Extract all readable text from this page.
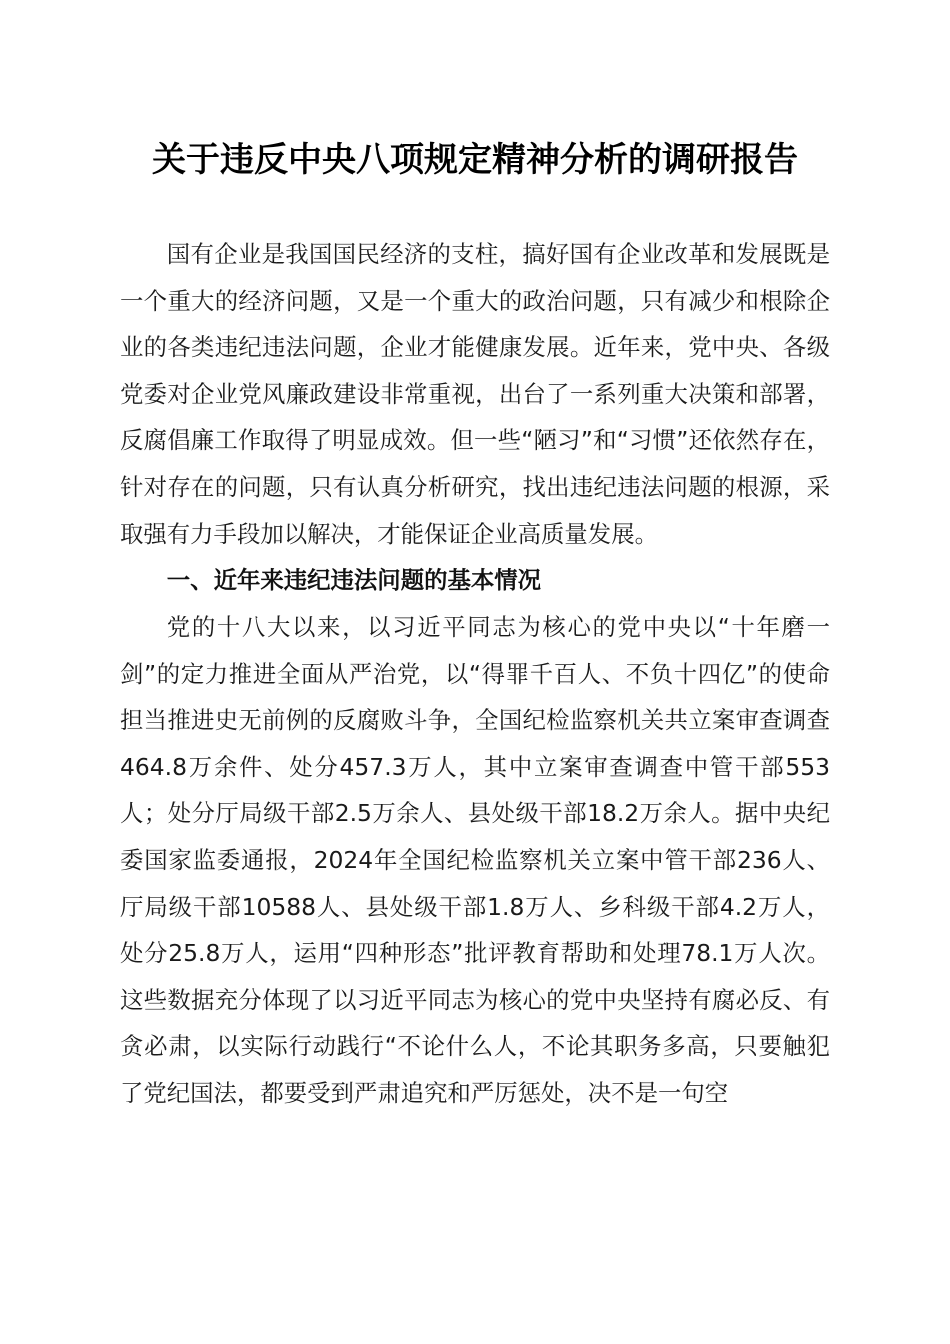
关于违反中央八项规定精神分析的调研报告

国有企业是我国国民经济的支柱，搞好国有企业改革和发展既是一个重大的经济问题，又是一个重大的政治问题，只有减少和根除企业的各类违纪违法问题，企业才能健康发展。近年来，党中央、各级党委对企业党风廉政建设非常重视，出台了一系列重大决策和部署，反腐倡廉工作取得了明显成效。但一些“陋习”和“习惯”还依然存在，针对存在的问题，只有认真分析研究，找出违纪违法问题的根源，采取强有力手段加以解决，才能保证企业高质量发展。

一、近年来违纪违法问题的基本情况

党的十八大以来，以习近平同志为核心的党中央以“十年磨一剑”的定力推进全面从严治党，以“得罪千百人、不负十四亿”的使命担当推进史无前例的反腐败斗争，全国纪检监察机关共立案审查调查464.8万余件、处分457.3万人，其中立案审查调查中管干部553人；处分厅局级干部2.5万余人、县处级干部18.2万余人。据中央纪委国家监委通报，2024年全国纪检监察机关立案中管干部236人、厅局级干部10588人、县处级干部1.8万人、乡科级干部4.2万人，处分25.8万人，运用“四种形态”批评教育帮助和处理78.1万人次。这些数据充分体现了以习近平同志为核心的党中央坚持有腐必反、有贪必肃，以实际行动践行“不论什么人，不论其职务多高，只要触犯了党纪国法，都要受到严肃追究和严厉惩处，决不是一句空
